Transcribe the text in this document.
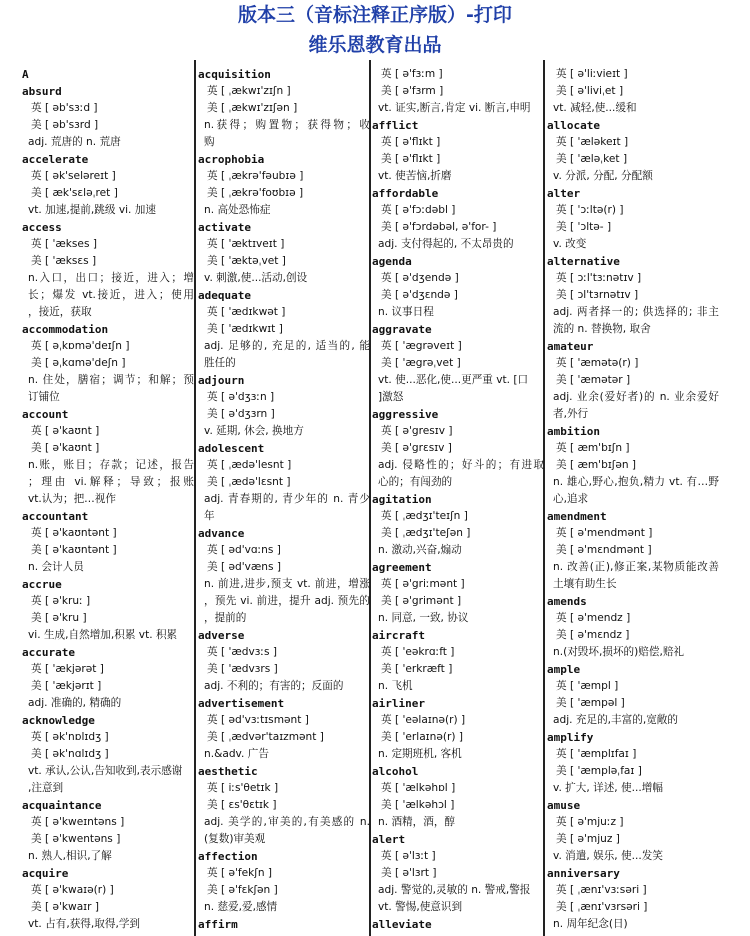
版本三（音标注释正序版）-打印
维乐恩教育出品
A
absurd
英 [ əb'sɜːd ]
美 [ əb'sɜrd ]
adj. 荒唐的 n. 荒唐
accelerate
英 [ ək'seləreɪt ]
美 [ æk'sɛləˌret ]
vt. 加速,提前,跳级 vi. 加速
access
英 [ 'ækses ]
美 [ 'æksɛs ]
n.入口，出口；接近，进入；增
长；爆发 vt.接近，进入；使用
，接近，获取
accommodation
英 [ əˌkɒmə'deɪʃn ]
美 [ əˌkɑmə'deʃn ]
n. 住处，膳宿；调节；和解；预
订铺位
account
英 [ ə'kaʊnt ]
美 [ ə'kaʊnt ]
n.账，账目；存款；记述，报告
；理由 vi.解释；导致；报账
vt.认为；把…视作
accountant
英 [ ə'kaʊntənt ]
美 [ ə'kaʊntənt ]
n. 会计人员
accrue
英 [ ə'kruː ]
美 [ ə'kru ]
vi. 生成,自然增加,积累 vt. 积累
accurate
英 [ 'ækjərət ]
美 [ 'ækjərɪt ]
adj. 准确的, 精确的
acknowledge
英 [ ək'nɒlɪdʒ ]
美 [ ək'nɑlɪdʒ ]
vt. 承认,公认,告知收到,表示感谢
,注意到
acquaintance
英 [ ə'kweɪntəns ]
美 [ ə'kwentəns ]
n. 熟人,相识,了解
acquire
英 [ ə'kwaɪə(r) ]
美 [ ə'kwaɪr ]
vt. 占有,获得,取得,学到
acquisition
英 [ ˌækwɪ'zɪʃn ]
美 [ ˌækwɪ'zɪʃən ]
n.获得；购置物；获得物；收
购
acrophobia
英 [ ˌækrə'fəubɪə ]
美 [ ˌækrə'foʊbɪə ]
n. 高处恐怖症
activate
英 [ 'æktɪveɪt ]
美 [ 'æktəˌvet ]
v. 刺激,使...活动,创设
adequate
英 [ 'ædɪkwət ]
美 [ 'ædɪkwɪt ]
adj. 足够的, 充足的, 适当的, 能
胜任的
adjourn
英 [ ə'dʒɜːn ]
美 [ ə'dʒɜrn ]
v. 延期, 休会, 换地方
adolescent
英 [ ˌædə'lesnt ]
美 [ ˌædə'lɛsnt ]
adj. 青春期的, 青少年的 n. 青少
年
advance
英 [ əd'vɑːns ]
美 [ əd'væns ]
n. 前进,进步,预支 vt. 前进，增涨
，预先 vi. 前进，提升 adj. 预先的
，提前的
adverse
英 [ 'ædvɜːs ]
美 [ 'ædvɜrs ]
adj. 不利的；有害的；反面的
advertisement
英 [ əd'vɜːtɪsmənt ]
美 [ ˌædvər'taɪzmənt ]
n.&adv. 广告
aesthetic
英 [ iːs'θetɪk ]
美 [ ɛs'θɛtɪk ]
adj. 美学的,审美的,有美感的 n.
(复数)审美观
affection
英 [ ə'fekʃn ]
美 [ ə'fɛkʃən ]
n. 慈爱,爱,感情
affirm
英 [ ə'fɜːm ]
美 [ ə'fɜrm ]
vt. 证实,断言,肯定 vi. 断言,申明
afflict
英 [ ə'flɪkt ]
美 [ ə'flɪkt ]
vt. 使苦恼,折磨
affordable
英 [ ə'fɔːdəbl ]
美 [ ə'fɔrdəbəl, ə'for- ]
adj. 支付得起的, 不太昂贵的
agenda
英 [ ə'dʒendə ]
美 [ ə'dʒɛndə ]
n. 议事日程
aggravate
英 [ 'ægrəveɪt ]
美 [ 'ægrəˌvet ]
vt. 使...恶化,使...更严重 vt. [口
]激怒
aggressive
英 [ ə'gresɪv ]
美 [ ə'grɛsɪv ]
adj. 侵略性的；好斗的；有进取
心的；有闯劲的
agitation
英 [ ˌædʒɪ'teɪʃn ]
美 [ ˌædʒɪ'teʃən ]
n. 激动,兴奋,煽动
agreement
英 [ ə'griːmənt ]
美 [ ə'grimənt ]
n. 同意, 一致, 协议
aircraft
英 [ 'eəkrɑːft ]
美 [ 'erkræft ]
n. 飞机
airliner
英 [ 'eəlaɪnə(r) ]
美 [ 'erlaɪnə(r) ]
n. 定期班机, 客机
alcohol
英 [ 'ælkəhɒl ]
美 [ 'ælkəhɔl ]
n. 酒精，酒，醇
alert
英 [ ə'lɜːt ]
美 [ ə'lɜrt ]
adj. 警觉的,灵敏的 n. 警戒,警报
vt. 警惕,使意识到
alleviate
英 [ ə'liːvieɪt ]
美 [ ə'liviˌet ]
vt. 减轻,使...缓和
allocate
英 [ 'æləkeɪt ]
美 [ 'æləˌket ]
v. 分派, 分配, 分配额
alter
英 [ 'ɔːltə(r) ]
美 [ 'ɔltə- ]
v. 改变
alternative
英 [ ɔːl'tɜːnətɪv ]
美 [ ɔl'tɜrnətɪv ]
adj. 两者择一的; 供选择的; 非主
流的 n. 替换物, 取舍
amateur
英 [ 'æmətə(r) ]
美 [ 'æmətər ]
adj. 业余(爱好者)的 n. 业余爱好
者,外行
ambition
英 [ æm'bɪʃn ]
美 [ æm'bɪʃən ]
n. 雄心,野心,抱负,精力 vt. 有…野
心,追求
amendment
英 [ ə'mendmənt ]
美 [ ə'mɛndmənt ]
n. 改善(正),修正案,某物质能改善
土壤有助生长
amends
英 [ ə'mendz ]
美 [ ə'mɛndz ]
n.(对毁坏,损坏的)赔偿,赔礼
ample
英 [ 'æmpl ]
美 [ 'æmpəl ]
adj. 充足的,丰富的,宽敞的
amplify
英 [ 'æmplɪfaɪ ]
美 [ 'æmpləˌfaɪ ]
v. 扩大, 详述, 使...增幅
amuse
英 [ ə'mjuːz ]
美 [ ə'mjuz ]
v. 消遣, 娱乐, 使...发笑
anniversary
英 [ ˌænɪ'vɜːsəri ]
美 [ ˌænɪ'vɜrsəri ]
n. 周年纪念(日)
